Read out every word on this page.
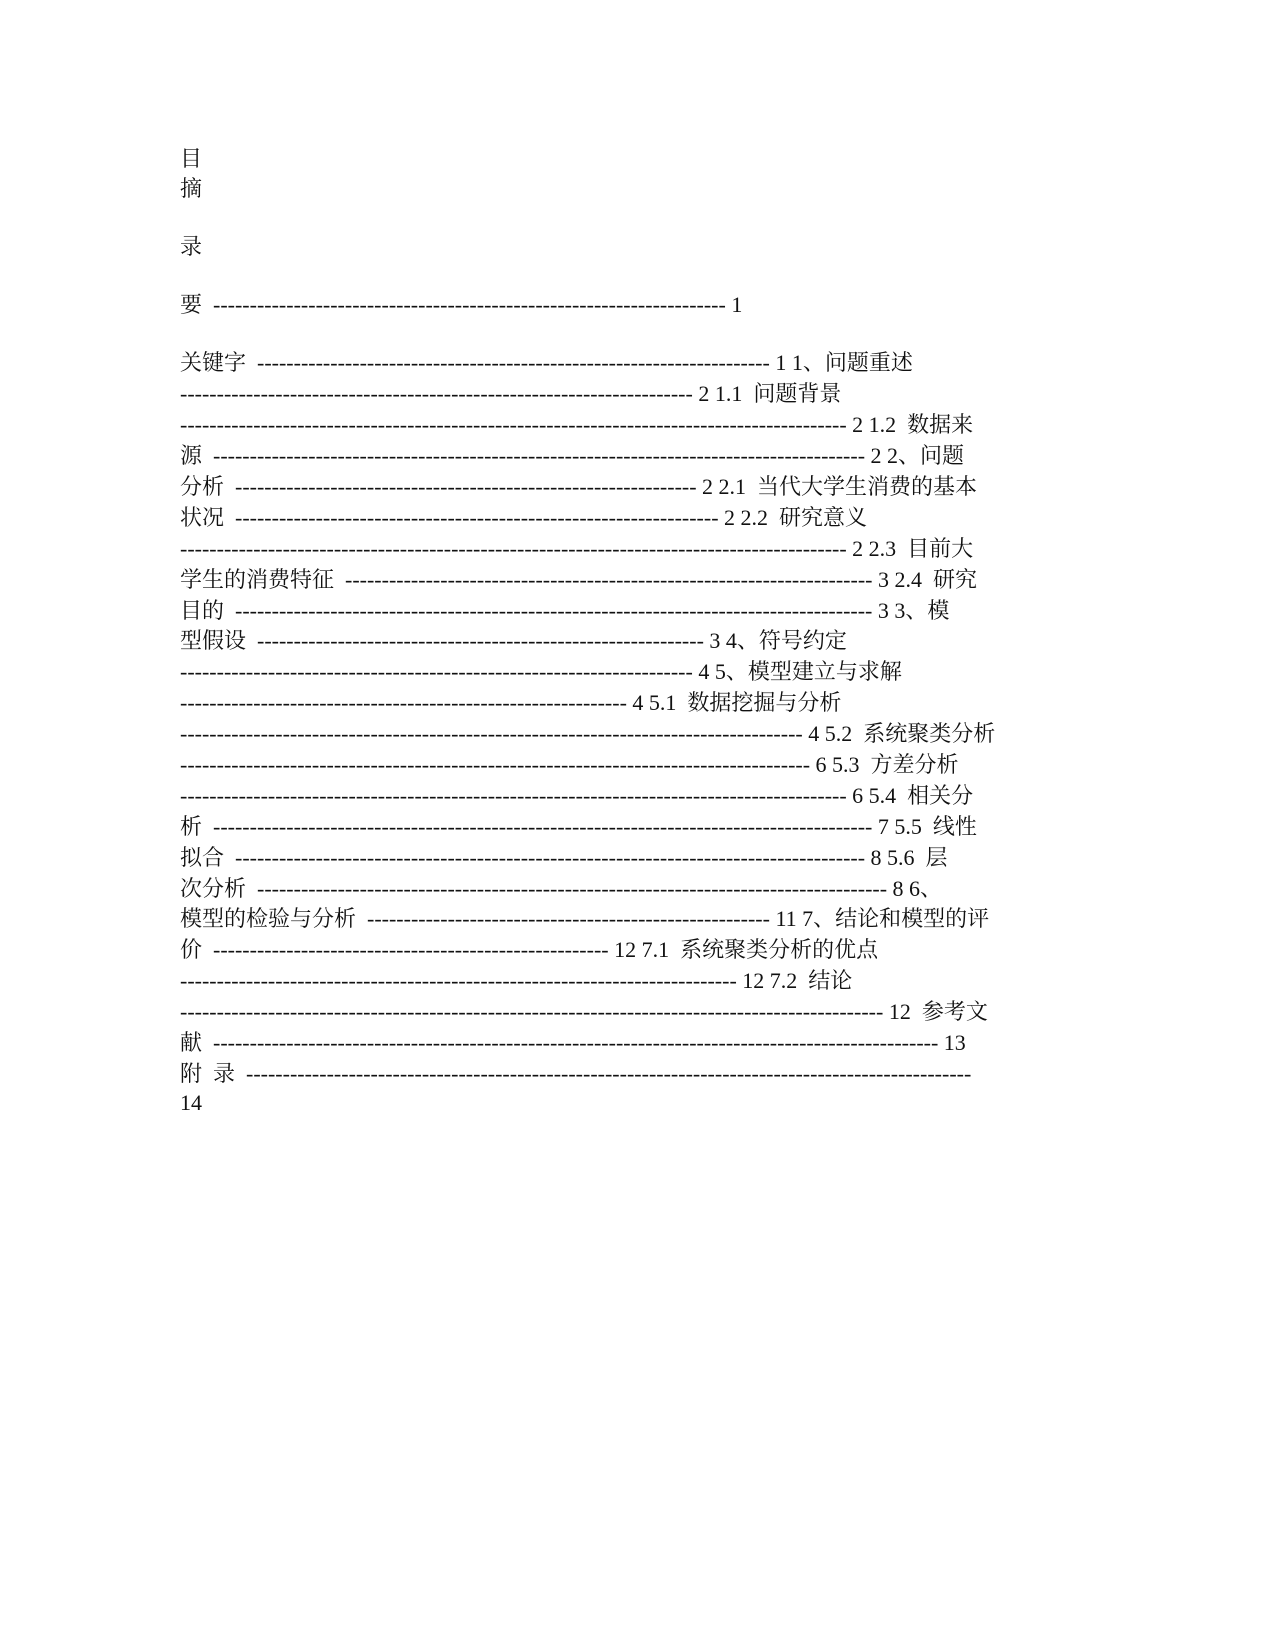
目
摘
录
要  ---------------------------------------------------------------------- 1
关键字  ---------------------------------------------------------------------- 1 1、问题重述
---------------------------------------------------------------------- 2 1.1  问题背景
------------------------------------------------------------------------------------------- 2 1.2  数据来
源  ----------------------------------------------------------------------------------------- 2 2、问题
分析  --------------------------------------------------------------- 2 2.1  当代大学生消费的基本
状况  ------------------------------------------------------------------ 2 2.2  研究意义
------------------------------------------------------------------------------------------- 2 2.3  目前大
学生的消费特征  ------------------------------------------------------------------------ 3 2.4  研究
目的  --------------------------------------------------------------------------------------- 3 3、模
型假设  ------------------------------------------------------------- 3 4、符号约定
---------------------------------------------------------------------- 4 5、模型建立与求解
------------------------------------------------------------- 4 5.1  数据挖掘与分析
------------------------------------------------------------------------------------- 4 5.2  系统聚类分析
-------------------------------------------------------------------------------------- 6 5.3  方差分析
------------------------------------------------------------------------------------------- 6 5.4  相关分
析  ------------------------------------------------------------------------------------------ 7 5.5  线性
拟合  -------------------------------------------------------------------------------------- 8 5.6  层
次分析  -------------------------------------------------------------------------------------- 8 6、
模型的检验与分析  ------------------------------------------------------- 11 7、结论和模型的评
价  ------------------------------------------------------ 12 7.1  系统聚类分析的优点
---------------------------------------------------------------------------- 12 7.2  结论
------------------------------------------------------------------------------------------------ 12  参考文
献  --------------------------------------------------------------------------------------------------- 13
附  录  ---------------------------------------------------------------------------------------------------
14
